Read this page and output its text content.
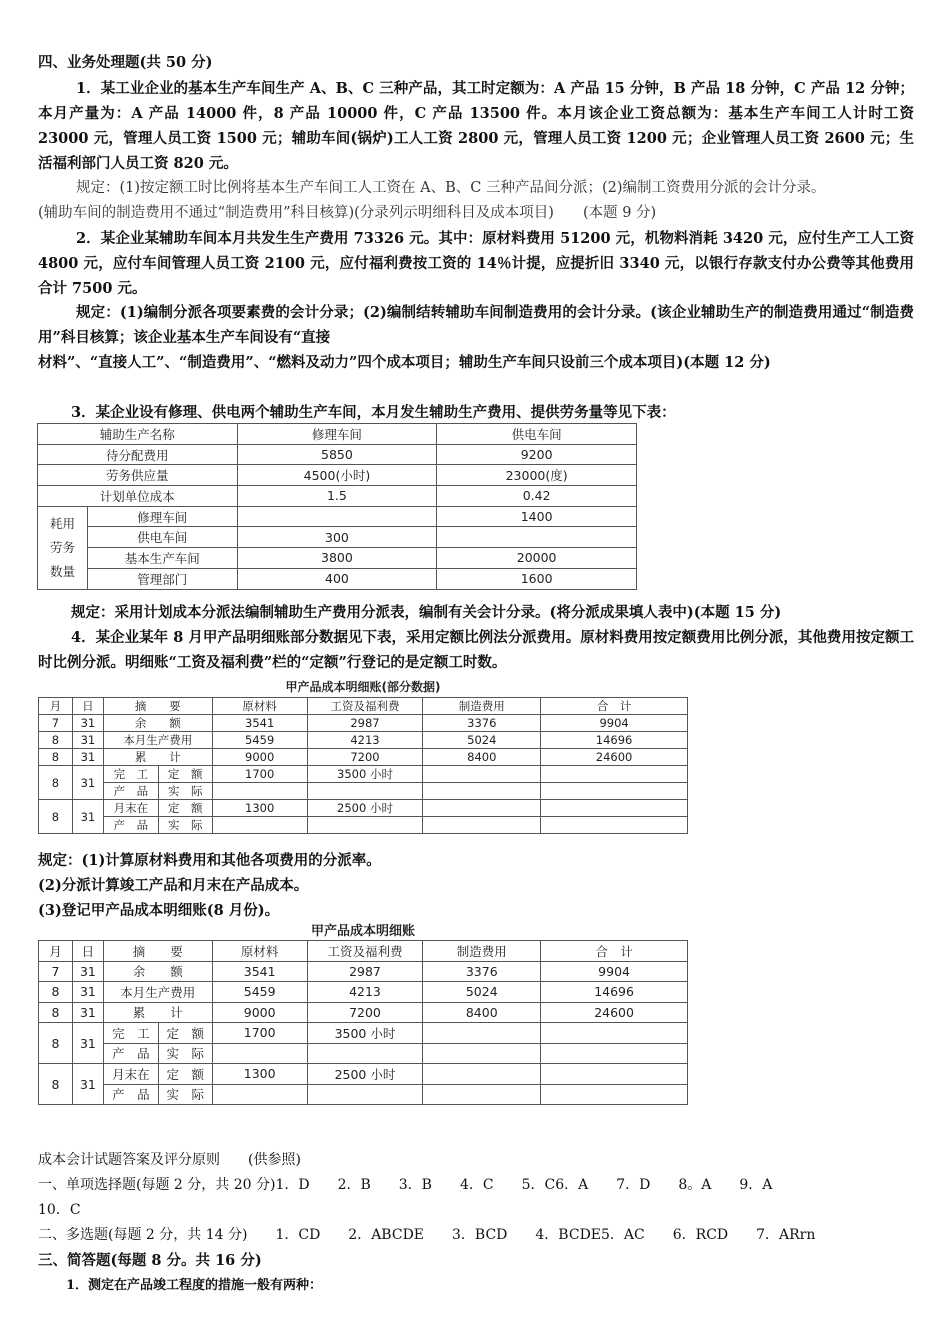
四、业务处理题(共 50 分)

1．某工业企业的基本生产车间生产 A、B、C 三种产品，其工时定额为：A 产品 15 分钟，B 产品 18 分钟，C 产品 12 分钟；本月产量为：A 产品 14000 件，8 产品 10000 件，C 产品 13500 件。本月该企业工资总额为：基本生产车间工人计时工资 23000 元，管理人员工资 1500 元；辅助车间(锅炉)工人工资 2800 元，管理人员工资 1200 元；企业管理人员工资 2600 元；生活福利部门人员工资 820 元。

规定：(1)按定额工时比例将基本生产车间工人工资在 A、B、C 三种产品间分派；(2)编制工资费用分派的会计分录。

(辅助车间的制造费用不通过“制造费用”科目核算)(分录列示明细科目及成本项目)　　(本题 9 分)

2．某企业某辅助车间本月共发生生产费用 73326 元。其中：原材料费用 51200 元，机物料消耗 3420 元，应付生产工人工资 4800 元，应付车间管理人员工资 2100 元，应付福利费按工资的 14％计提，应提折旧 3340 元，以银行存款支付办公费等其他费用合计 7500 元。

规定：(1)编制分派各项要素费的会计分录；(2)编制结转辅助车间制造费用的会计分录。(该企业辅助生产的制造费用通过“制造费用”科目核算；该企业基本生产车间设有“直接

材料”、“直接人工”、“制造费用”、“燃料及动力”四个成本项目；辅助生产车间只设前三个成本项目)(本题 12 分)

3．某企业设有修理、供电两个辅助生产车间，本月发生辅助生产费用、提供劳务量等见下表：

辅助生产名称		修理车间	供电车间
待分配费用		5850	9200
劳务供应量		4500(小时)	23000(度)
计划单位成本		1.5	0.42

耗用
劳务
数量	修理车间		1400
	供电车间	300	
	基本生产车间	3800	20000
	管理部门	400	1600

规定：采用计划成本分派法编制辅助生产费用分派表，编制有关会计分录。(将分派成果填人表中)(本题 15 分)

4．某企业某年 8 月甲产品明细账部分数据见下表，采用定额比例法分派费用。原材料费用按定额费用比例分派，其他费用按定额工时比例分派。明细账“工资及福利费”栏的“定额”行登记的是定额工时数。

甲产品成本明细账(部分数据)
月	日	摘　　要		原材料	工资及福利费	制造费用	合　计
7	31	余　　额		3541	2987	3376	9904
8	31	本月生产费用		5459	4213	5024	14696
8	31	累　　计		9000	7200	8400	24600
8	31	完　工	定　额	1700	3500 小时		
		产　品	实　际				
8	31	月末在	定　额	1300	2500 小时		
		产　品	实　际				

规定：(1)计算原材料费用和其他各项费用的分派率。

(2)分派计算竣工产品和月末在产品成本。

(3)登记甲产品成本明细账(8 月份)。

甲产品成本明细账
月	日	摘　　要		原材料	工资及福利费	制造费用	合　计
7	31	余　　额		3541	2987	3376	9904
8	31	本月生产费用		5459	4213	5024	14696
8	31	累　　计		9000	7200	8400	24600
8	31	完　工	定　额	1700	3500 小时		
		产　品	实　际				
8	31	月末在	定　额	1300	2500 小时		
		产　品	实　际				
成本会计试题答案及评分原则　　(供参照)
一、单项选择题(每题 2 分，共 20 分)1．D　　2．B　　3．B　　4．C　　5．C6．A　　7．D　　8。A　　9．A
10．C
二、多选题(每题 2 分，共 14 分)　　1．CD　　2．ABCDE　　3．BCD　　4．BCDE5．AC　　6．RCD　　7．ARrn
三、简答题(每题 8 分。共 16 分)
1．测定在产品竣工程度的措施一般有两种：
